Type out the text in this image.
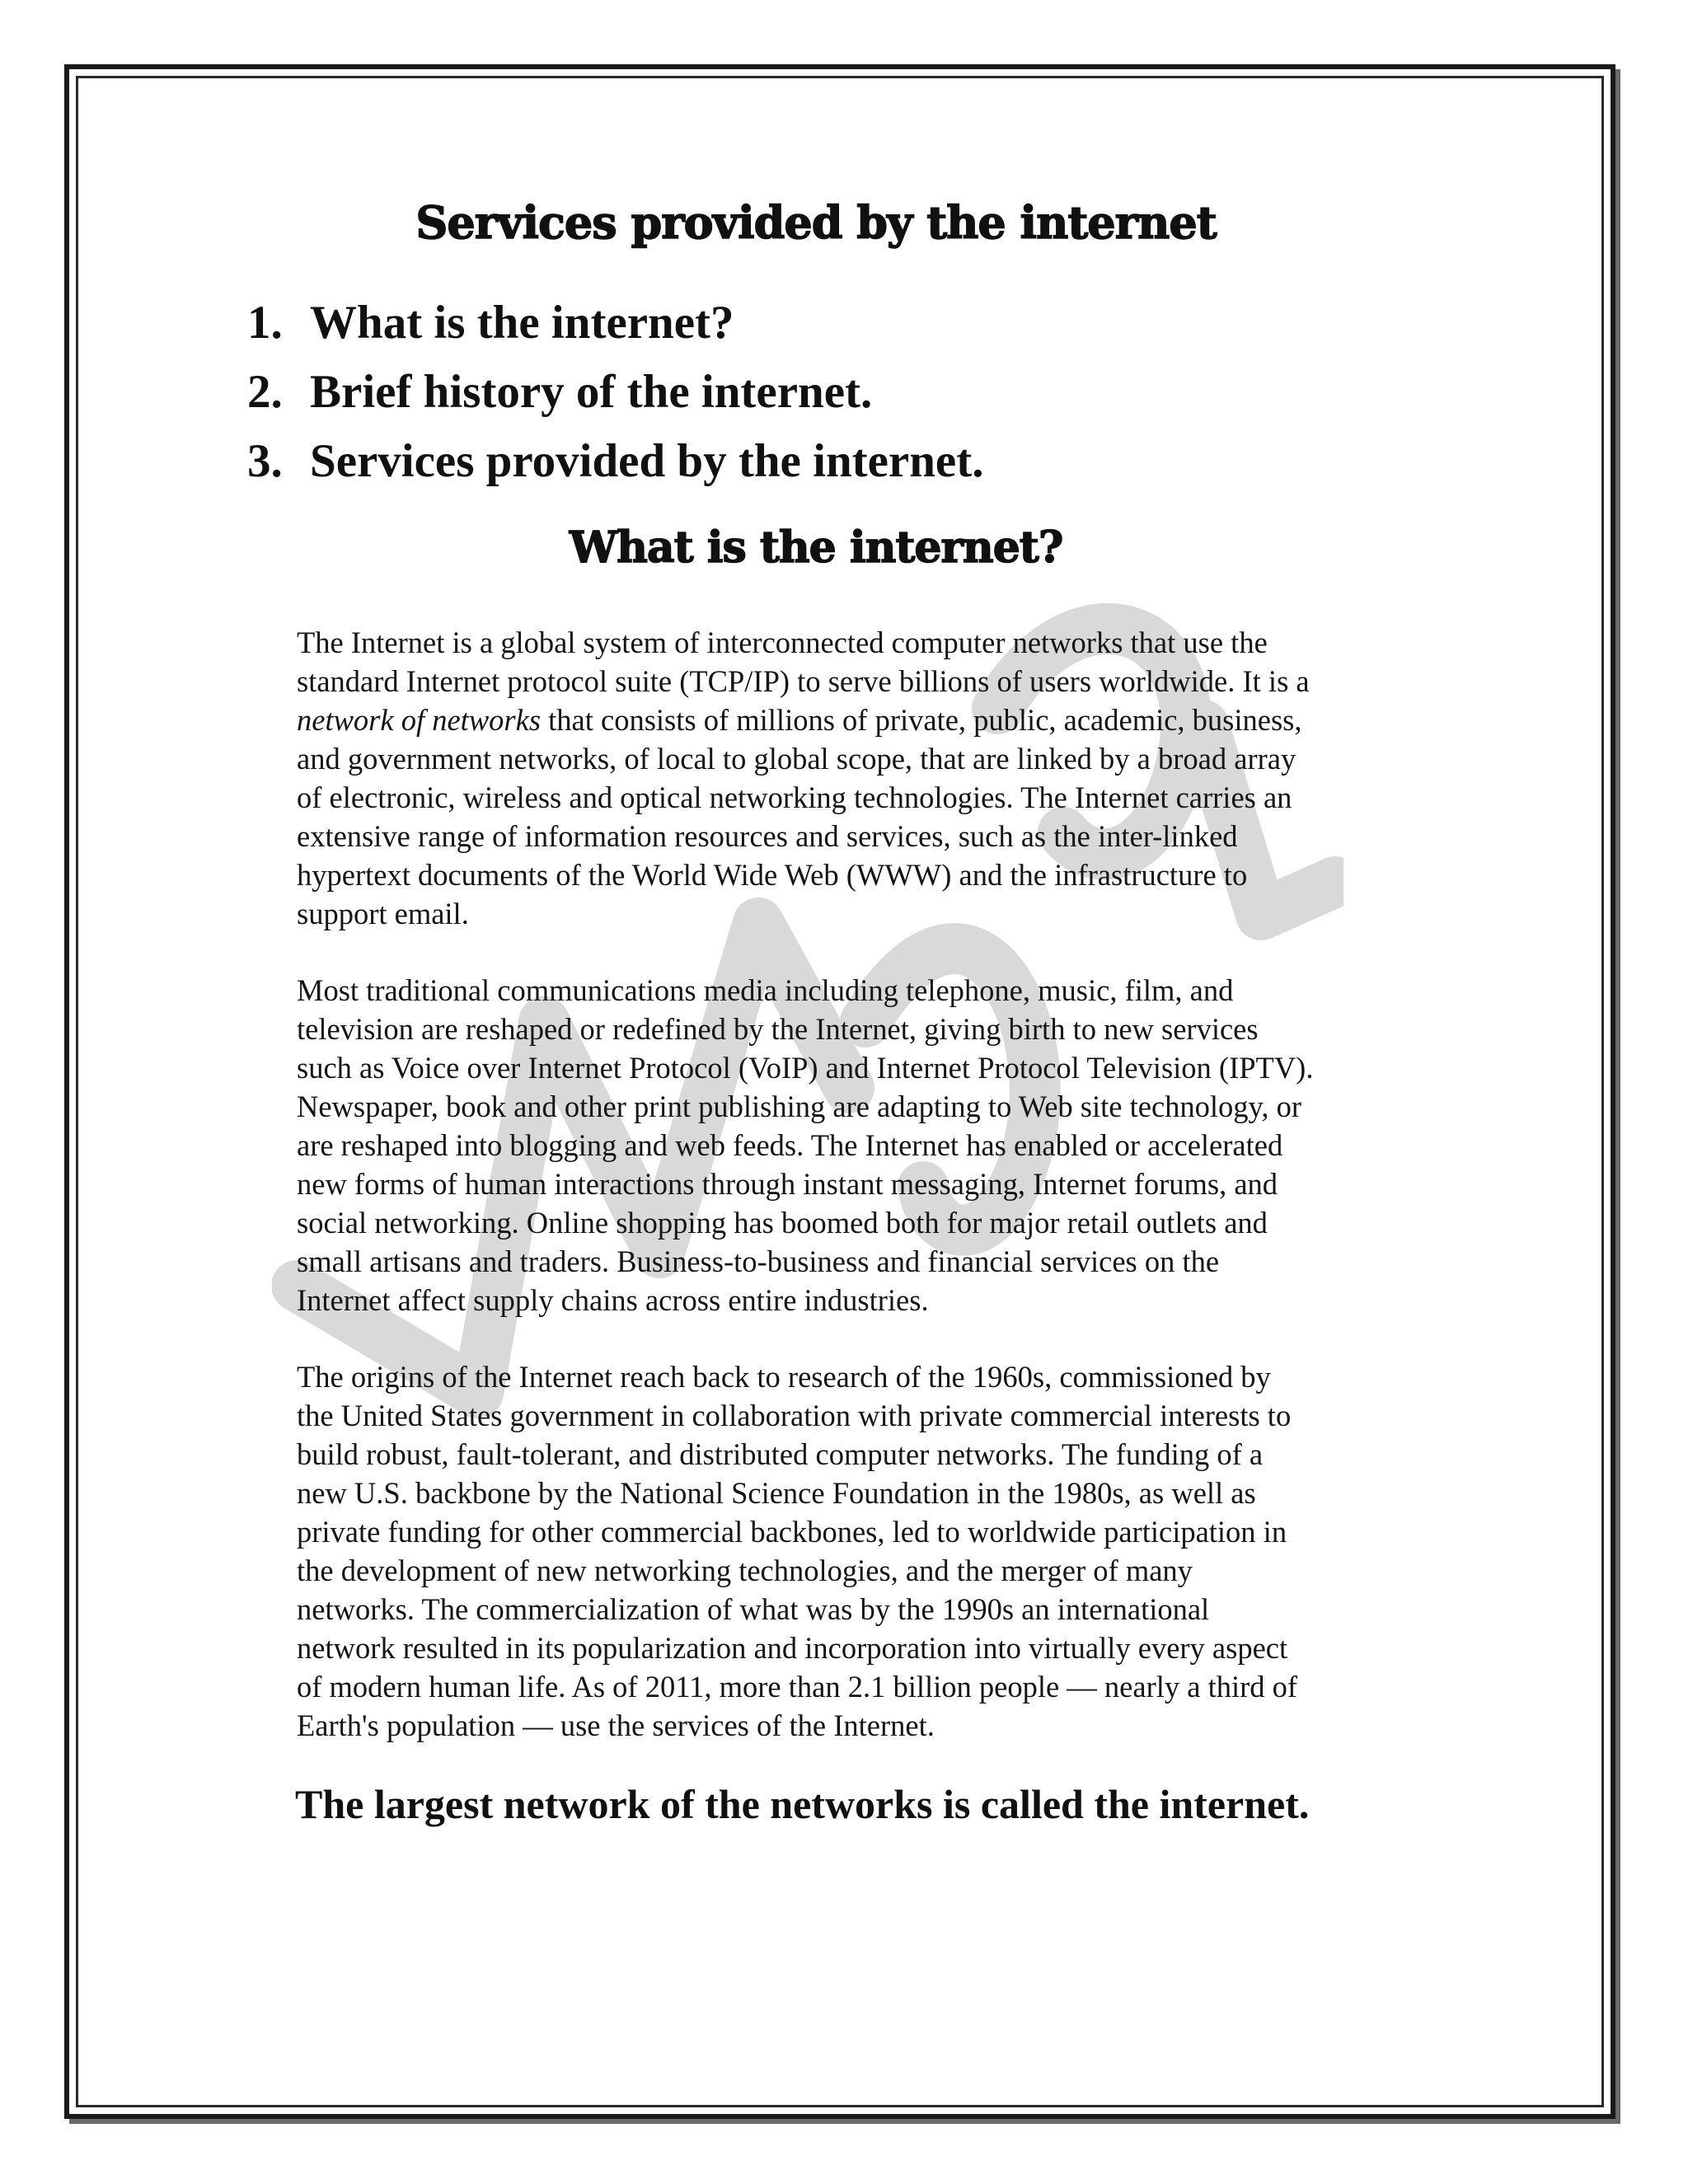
Services provided by the internet
1. What is the internet?
2. Brief history of the internet.
3. Services provided by the internet.
What is the internet?

The Internet is a global system of interconnected computer networks that use the
standard Internet protocol suite (TCP/IP) to serve billions of users worldwide. It is a
network of networks that consists of millions of private, public, academic, business,
and government networks, of local to global scope, that are linked by a broad array
of electronic, wireless and optical networking technologies. The Internet carries an
extensive range of information resources and services, such as the inter-linked
hypertext documents of the World Wide Web (WWW) and the infrastructure to
support email.

Most traditional communications media including telephone, music, film, and
television are reshaped or redefined by the Internet, giving birth to new services
such as Voice over Internet Protocol (VoIP) and Internet Protocol Television (IPTV).
Newspaper, book and other print publishing are adapting to Web site technology, or
are reshaped into blogging and web feeds. The Internet has enabled or accelerated
new forms of human interactions through instant messaging, Internet forums, and
social networking. Online shopping has boomed both for major retail outlets and
small artisans and traders. Business-to-business and financial services on the
Internet affect supply chains across entire industries.

The origins of the Internet reach back to research of the 1960s, commissioned by
the United States government in collaboration with private commercial interests to
build robust, fault-tolerant, and distributed computer networks. The funding of a
new U.S. backbone by the National Science Foundation in the 1980s, as well as
private funding for other commercial backbones, led to worldwide participation in
the development of new networking technologies, and the merger of many
networks. The commercialization of what was by the 1990s an international
network resulted in its popularization and incorporation into virtually every aspect
of modern human life. As of 2011, more than 2.1 billion people — nearly a third of
Earth's population — use the services of the Internet.

The largest network of the networks is called the internet.
